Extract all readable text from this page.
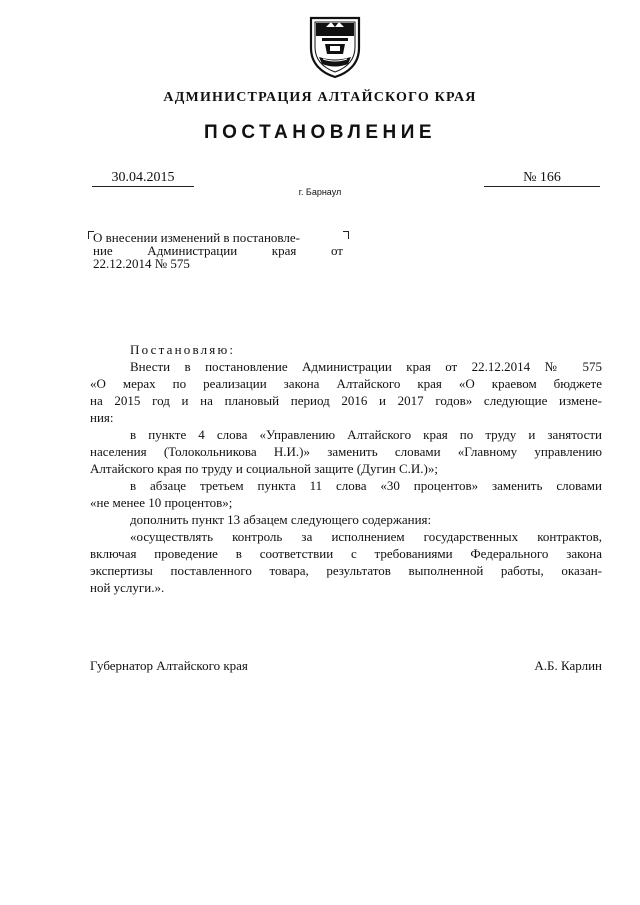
АДМИНИСТРАЦИЯ АЛТАЙСКОГО КРАЯ
ПОСТАНОВЛЕНИЕ
30.04.2015	№ 166
г. Барнаул
О внесении изменений в постановле-
ние Администрации края от
22.12.2014 № 575
Постановляю:
Внести в постановление Администрации края от 22.12.2014 № 575
«О мерах по реализации закона Алтайского края «О краевом бюджете
на 2015 год и на плановый период 2016 и 2017 годов» следующие измене-
ния:
в пункте 4 слова «Управлению Алтайского края по труду и занятости
населения (Толокольникова Н.И.)» заменить словами «Главному управлению
Алтайского края по труду и социальной защите (Дугин С.И.)»;
в абзаце третьем пункта 11 слова «30 процентов» заменить словами
«не менее 10 процентов»;
дополнить пункт 13 абзацем следующего содержания:
«осуществлять контроль за исполнением государственных контрактов,
включая проведение в соответствии с требованиями Федерального закона
экспертизы поставленного товара, результатов выполненной работы, оказан-
ной услуги.».
Губернатор Алтайского края	А.Б. Карлин
